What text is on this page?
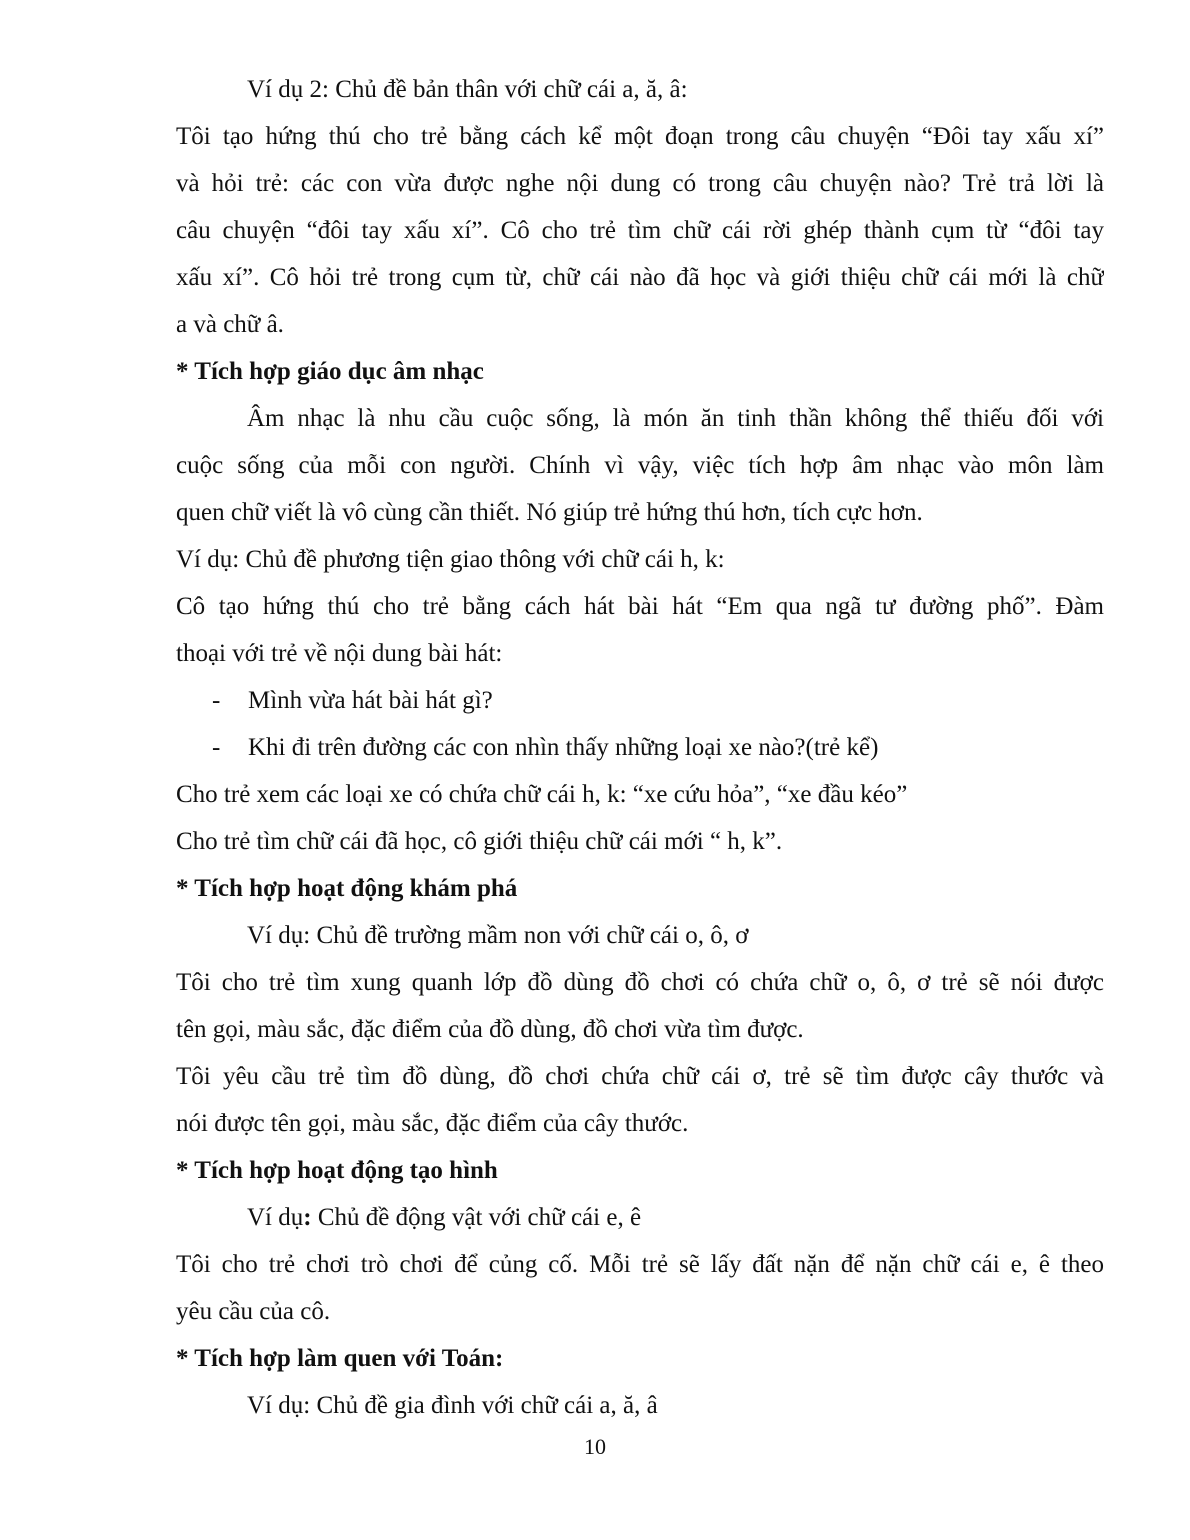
Ví dụ 2: Chủ đề bản thân với chữ cái a, ă, â:

Tôi tạo hứng thú cho trẻ bằng cách kể một đoạn trong câu chuyện “Đôi tay xấu xí”

và hỏi trẻ: các con vừa được nghe nội dung có trong câu chuyện nào? Trẻ trả lời là

câu chuyện “đôi tay xấu xí”. Cô cho trẻ tìm chữ cái rời ghép thành cụm từ “đôi tay

xấu xí”. Cô hỏi trẻ trong cụm từ, chữ cái nào đã học và giới thiệu chữ cái mới là chữ

a và chữ â.

* Tích hợp giáo dục âm nhạc

Âm nhạc là nhu cầu cuộc sống, là món ăn tinh thần không thể thiếu đối với

cuộc sống của mỗi con người. Chính vì vậy, việc tích hợp âm nhạc vào môn làm

quen chữ viết là vô cùng cần thiết. Nó giúp trẻ hứng thú hơn, tích cực hơn.

Ví dụ: Chủ đề phương tiện giao thông với chữ cái h, k:

Cô tạo hứng thú cho trẻ bằng cách hát bài hát “Em qua ngã tư đường phố”. Đàm

thoại với trẻ về nội dung bài hát:

- Mình vừa hát bài hát gì?

- Khi đi trên đường các con nhìn thấy những loại xe nào?(trẻ kể)

Cho trẻ xem các loại xe có chứa chữ cái h, k: “xe cứu hỏa”, “xe đầu kéo”

Cho trẻ tìm chữ cái đã học, cô giới thiệu chữ cái mới “ h, k”.

* Tích hợp hoạt động khám phá

Ví dụ: Chủ đề trường mầm non với chữ cái o, ô, ơ

Tôi cho trẻ tìm xung quanh lớp đồ dùng đồ chơi có chứa chữ o, ô, ơ trẻ sẽ nói được

tên gọi, màu sắc, đặc điểm của đồ dùng, đồ chơi vừa tìm được.

Tôi yêu cầu trẻ tìm đồ dùng, đồ chơi chứa chữ cái ơ, trẻ sẽ tìm được cây thước và

nói được tên gọi, màu sắc, đặc điểm của cây thước.

* Tích hợp hoạt động tạo hình

Ví dụ: Chủ đề động vật với chữ cái e, ê

Tôi cho trẻ chơi trò chơi để củng cố. Mỗi trẻ sẽ lấy đất nặn để nặn chữ cái e, ê theo

yêu cầu của cô.

* Tích hợp làm quen với Toán:

Ví dụ: Chủ đề gia đình với chữ cái a, ă, â

10
